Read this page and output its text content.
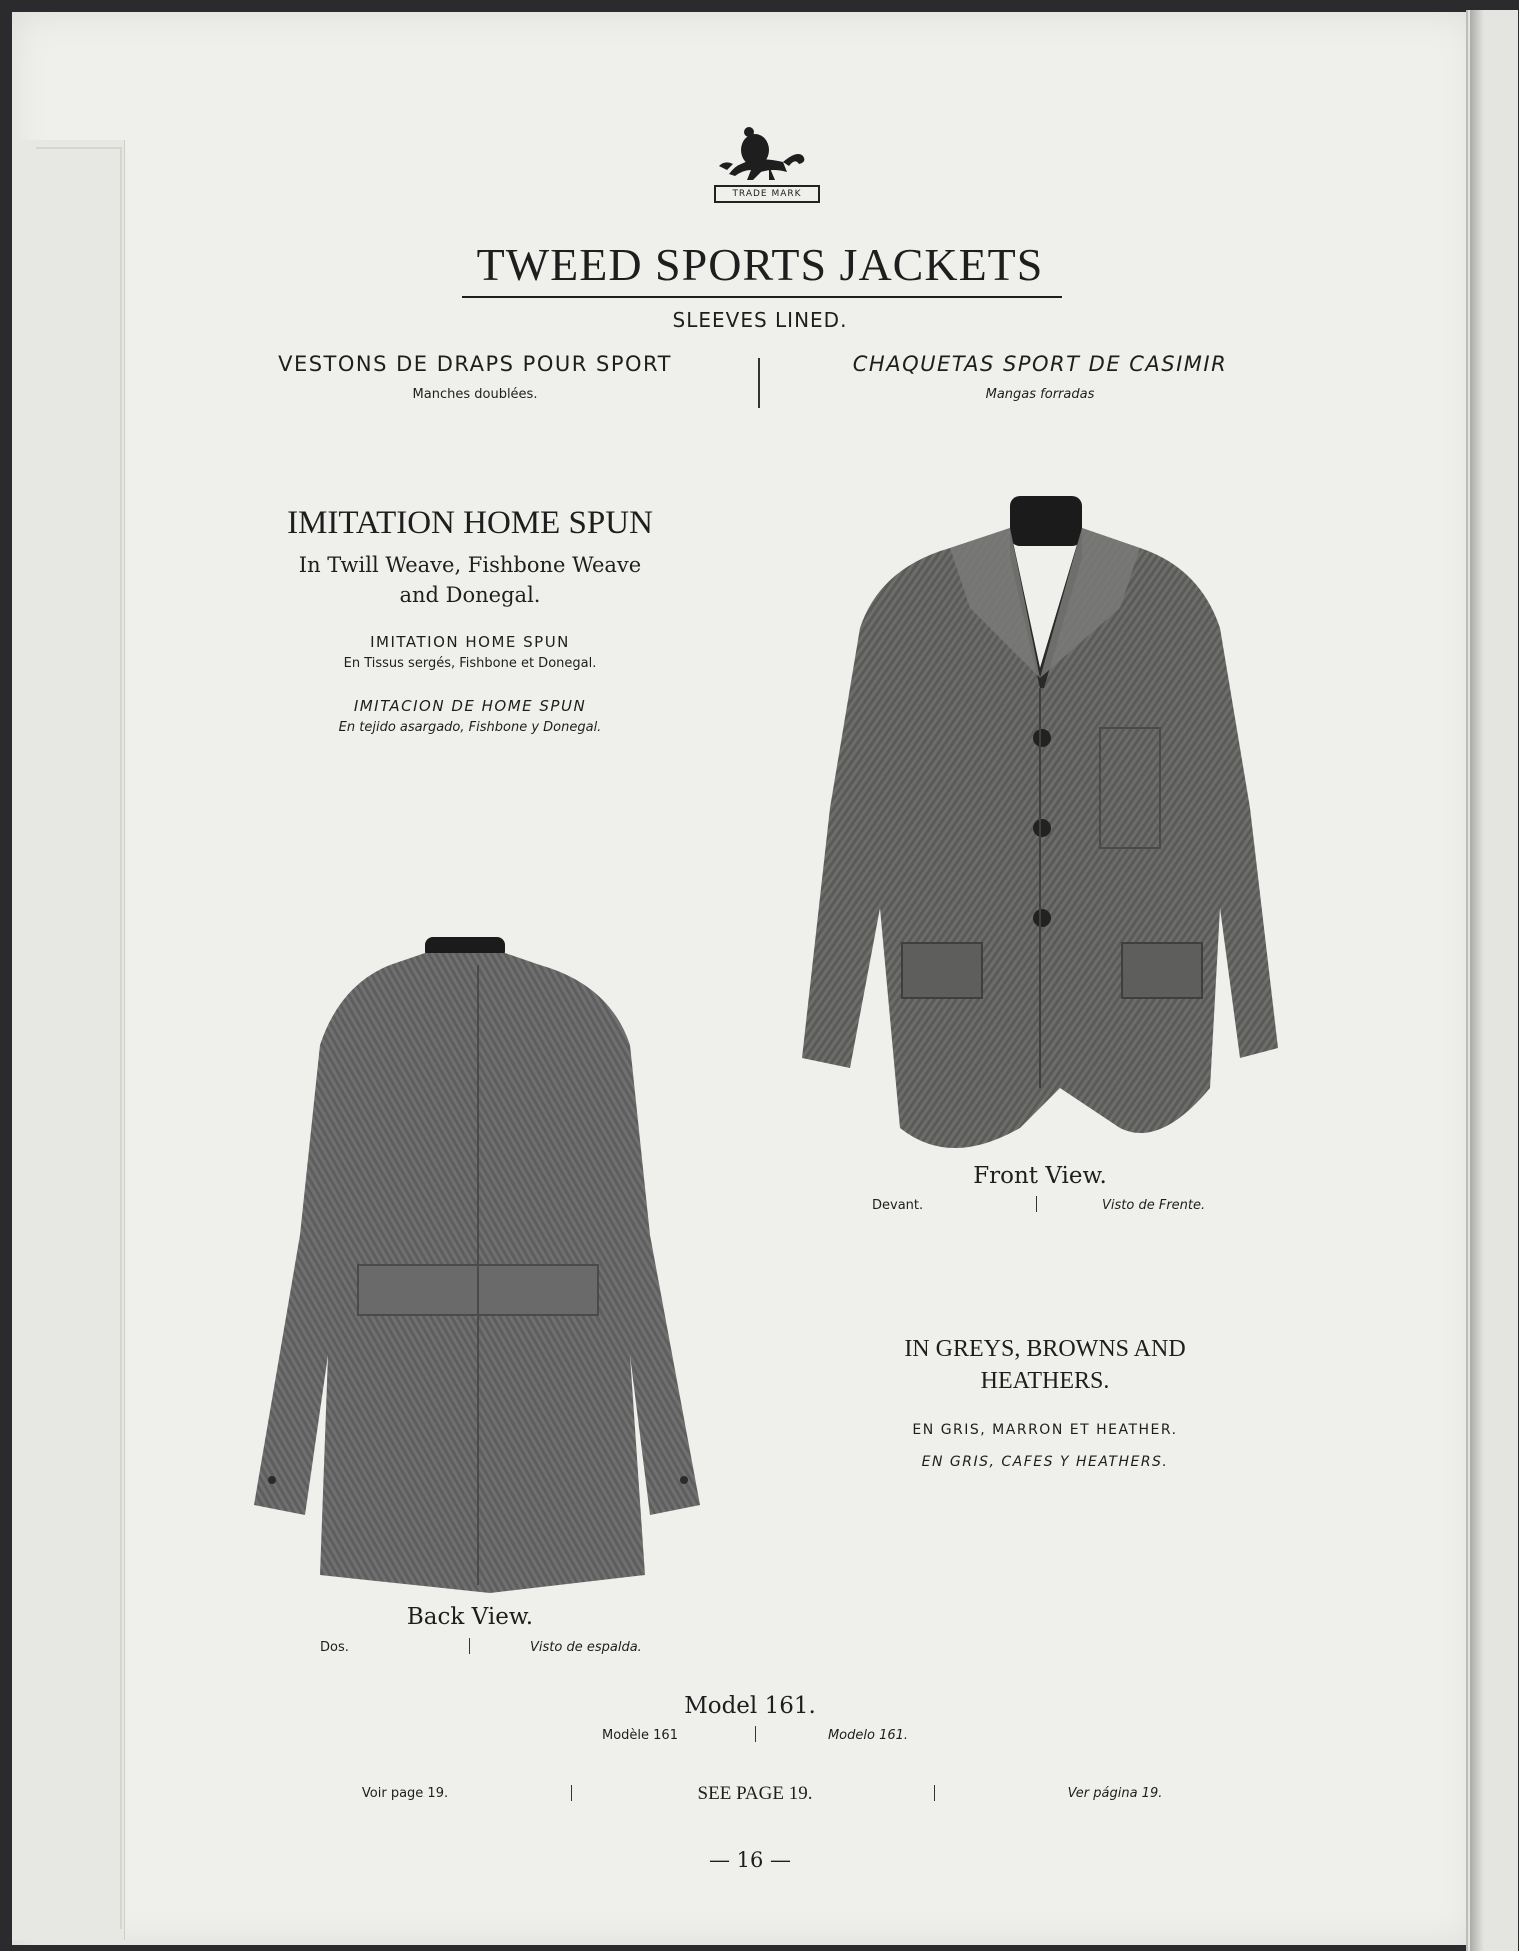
TRADE MARK
TWEED SPORTS JACKETS
SLEEVES LINED.
VESTONS DE DRAPS POUR SPORT
Manches doublées.
CHAQUETAS SPORT DE CASIMIR
Mangas forradas
IMITATION HOME SPUN
In Twill Weave, Fishbone Weave
and Donegal.
IMITATION HOME SPUN
En Tissus sergés, Fishbone et Donegal.
IMITACION DE HOME SPUN
En tejido asargado, Fishbone y Donegal.
Front View.
Devant.	Visto de Frente.
IN GREYS, BROWNS AND
HEATHERS.
EN GRIS, MARRON ET HEATHER.
EN GRIS, CAFES Y HEATHERS.
Back View.
Dos.	Visto de espalda.
Model 161.
Modèle 161	Modelo 161.
Voir page 19.	SEE PAGE 19.	Ver página 19.
— 16 —
